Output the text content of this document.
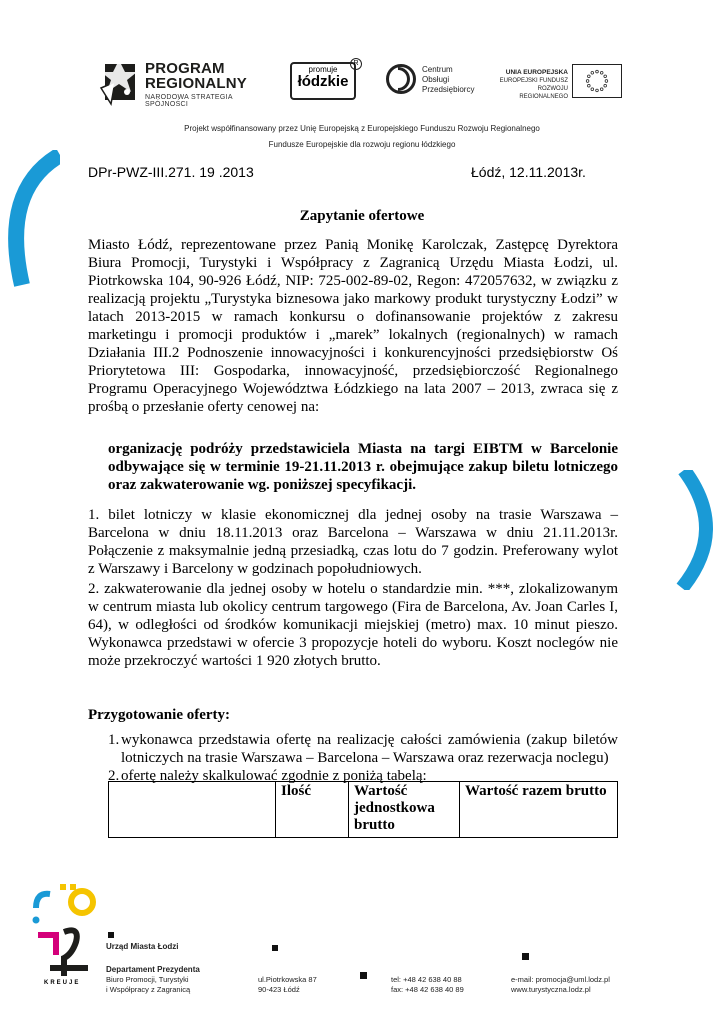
PROGRAM
REGIONALNY
NARODOWA STRATEGIA SPÓJNOŚCI
promuje
łódzkie
R
Centrum
Obsługi
Przedsiębiorcy
UNIA EUROPEJSKA
EUROPEJSKI FUNDUSZ
ROZWOJU REGIONALNEGO
Projekt współfinansowany przez Unię Europejską z Europejskiego Funduszu Rozwoju Regionalnego
Fundusze Europejskie dla rozwoju regionu łódzkiego
DPr-PWZ-III.271. 19 .2013	Łódź, 12.11.2013r.
Zapytanie ofertowe
Miasto Łódź, reprezentowane przez Panią Monikę Karolczak, Zastępcę Dyrektora Biura Promocji, Turystyki i Współpracy z Zagranicą Urzędu Miasta Łodzi, ul. Piotrkowska 104, 90-926 Łódź, NIP: 725-002-89-02, Regon: 472057632, w związku z realizacją projektu „Turystyka biznesowa jako markowy produkt turystyczny Łodzi” w latach 2013-2015 w ramach konkursu o dofinansowanie projektów z zakresu marketingu i promocji produktów i „marek” lokalnych (regionalnych) w ramach Działania III.2 Podnoszenie innowacyjności i konkurencyjności przedsiębiorstw Oś Priorytetowa III: Gospodarka, innowacyjność, przedsiębiorczość Regionalnego Programu Operacyjnego Województwa Łódzkiego na lata 2007 – 2013, zwraca się z prośbą o przesłanie oferty cenowej na:
organizację podróży przedstawiciela Miasta na targi EIBTM w Barcelonie odbywające się w terminie 19-21.11.2013 r. obejmujące zakup biletu lotniczego oraz zakwaterowanie wg. poniższej specyfikacji.
1. bilet lotniczy w klasie ekonomicznej dla jednej osoby na trasie Warszawa – Barcelona w dniu 18.11.2013 oraz Barcelona – Warszawa w dniu 21.11.2013r. Połączenie z maksymalnie jedną przesiadką, czas lotu do 7 godzin. Preferowany wylot z Warszawy i Barcelony w godzinach popołudniowych.
2. zakwaterowanie dla jednej osoby w hotelu o standardzie min. ***, zlokalizowanym w centrum miasta lub okolicy centrum targowego (Fira de Barcelona, Av. Joan Carles I, 64), w odległości od środków komunikacji miejskiej (metro) max. 10 minut pieszo. Wykonawca przedstawi w ofercie 3 propozycje hoteli do wyboru. Koszt noclegów nie może przekroczyć wartości 1 920 złotych brutto.
Przygotowanie oferty:
1. wykonawca przedstawia ofertę na realizację całości zamówienia (zakup biletów lotniczych na trasie Warszawa – Barcelona – Warszawa oraz rezerwacja noclegu)
2. ofertę należy skalkulować zgodnie z poniżą tabelą:
	Ilość	Wartość jednostkowa brutto	Wartość razem brutto
KREUJE
Urząd Miasta Łodzi
Departament Prezydenta
Biuro Promocji, Turystyki
i Współpracy z Zagranicą
ul.Piotrkowska 87
90-423 Łódź
tel: +48 42 638 40 88
fax: +48 42 638 40 89
e-mail: promocja@uml.lodz.pl
www.turystyczna.lodz.pl
